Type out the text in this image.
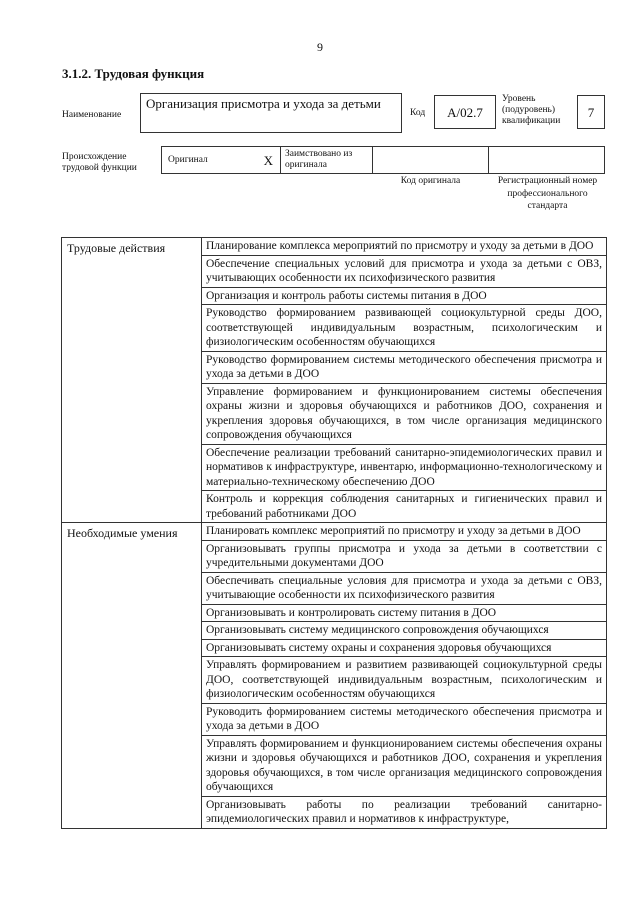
9
3.1.2. Трудовая функция
Наименование
Организация присмотра и ухода за детьми
Код	А/02.7
Уровень (подуровень) квалификации
7
Происхождение трудовой функции
Оригинал	X	Заимствовано из оригинала
Код оригинала	Регистрационный номер профессионального стандарта
Трудовые действия	Планирование комплекса мероприятий по присмотру и уходу за детьми в ДОО
Обеспечение специальных условий для присмотра и ухода за детьми с ОВЗ, учитывающих особенности их психофизического развития
Организация и контроль работы системы питания в ДОО
Руководство формированием развивающей социокультурной среды ДОО, соответствующей индивидуальным возрастным, психологическим и физиологическим особенностям обучающихся
Руководство формированием системы методического обеспечения присмотра и ухода за детьми в ДОО
Управление формированием и функционированием системы обеспечения охраны жизни и здоровья обучающихся и работников ДОО, сохранения и укрепления здоровья обучающихся, в том числе организация медицинского сопровождения обучающихся
Обеспечение реализации требований санитарно-эпидемиологических правил и нормативов к инфраструктуре, инвентарю, информационно-технологическому и материально-техническому обеспечению ДОО
Контроль и коррекция соблюдения санитарных и гигиенических правил и требований работниками ДОО
Необходимые умения	Планировать комплекс мероприятий по присмотру и уходу за детьми в ДОО
Организовывать группы присмотра и ухода за детьми в соответствии с учредительными документами ДОО
Обеспечивать специальные условия для присмотра и ухода за детьми с ОВЗ, учитывающие особенности их психофизического развития
Организовывать и контролировать систему питания в ДОО
Организовывать систему медицинского сопровождения обучающихся
Организовывать систему охраны и сохранения здоровья обучающихся
Управлять формированием и развитием развивающей социокультурной среды ДОО, соответствующей индивидуальным возрастным, психологическим и физиологическим особенностям обучающихся
Руководить формированием системы методического обеспечения присмотра и ухода за детьми в ДОО
Управлять формированием и функционированием системы обеспечения охраны жизни и здоровья обучающихся и работников ДОО, сохранения и укрепления здоровья обучающихся, в том числе организация медицинского сопровождения обучающихся
Организовывать работы по реализации требований санитарно-эпидемиологических правил и нормативов к инфраструктуре,
